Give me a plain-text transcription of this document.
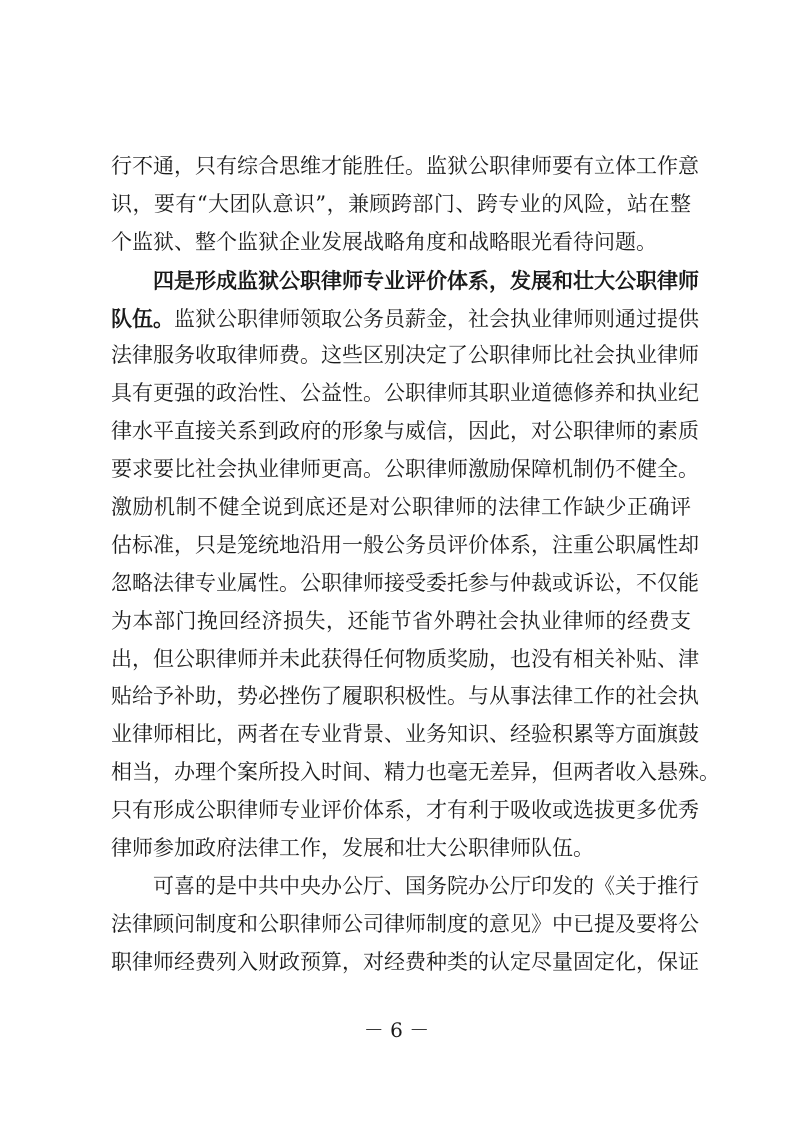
行不通，只有综合思维才能胜任。监狱公职律师要有立体工作意
识，要有“大团队意识”，兼顾跨部门、跨专业的风险，站在整
个监狱、整个监狱企业发展战略角度和战略眼光看待问题。
四是形成监狱公职律师专业评价体系，发展和壮大公职律师
队伍。监狱公职律师领取公务员薪金，社会执业律师则通过提供
法律服务收取律师费。这些区别决定了公职律师比社会执业律师
具有更强的政治性、公益性。公职律师其职业道德修养和执业纪
律水平直接关系到政府的形象与威信，因此，对公职律师的素质
要求要比社会执业律师更高。公职律师激励保障机制仍不健全。
激励机制不健全说到底还是对公职律师的法律工作缺少正确评
估标准，只是笼统地沿用一般公务员评价体系，注重公职属性却
忽略法律专业属性。公职律师接受委托参与仲裁或诉讼，不仅能
为本部门挽回经济损失，还能节省外聘社会执业律师的经费支
出，但公职律师并未此获得任何物质奖励，也没有相关补贴、津
贴给予补助，势必挫伤了履职积极性。与从事法律工作的社会执
业律师相比，两者在专业背景、业务知识、经验积累等方面旗鼓
相当，办理个案所投入时间、精力也毫无差异，但两者收入悬殊。
只有形成公职律师专业评价体系，才有利于吸收或选拔更多优秀
律师参加政府法律工作，发展和壮大公职律师队伍。
可喜的是中共中央办公厅、国务院办公厅印发的《关于推行
法律顾问制度和公职律师公司律师制度的意见》中已提及要将公
职律师经费列入财政预算，对经费种类的认定尽量固定化，保证
－ 6 －
